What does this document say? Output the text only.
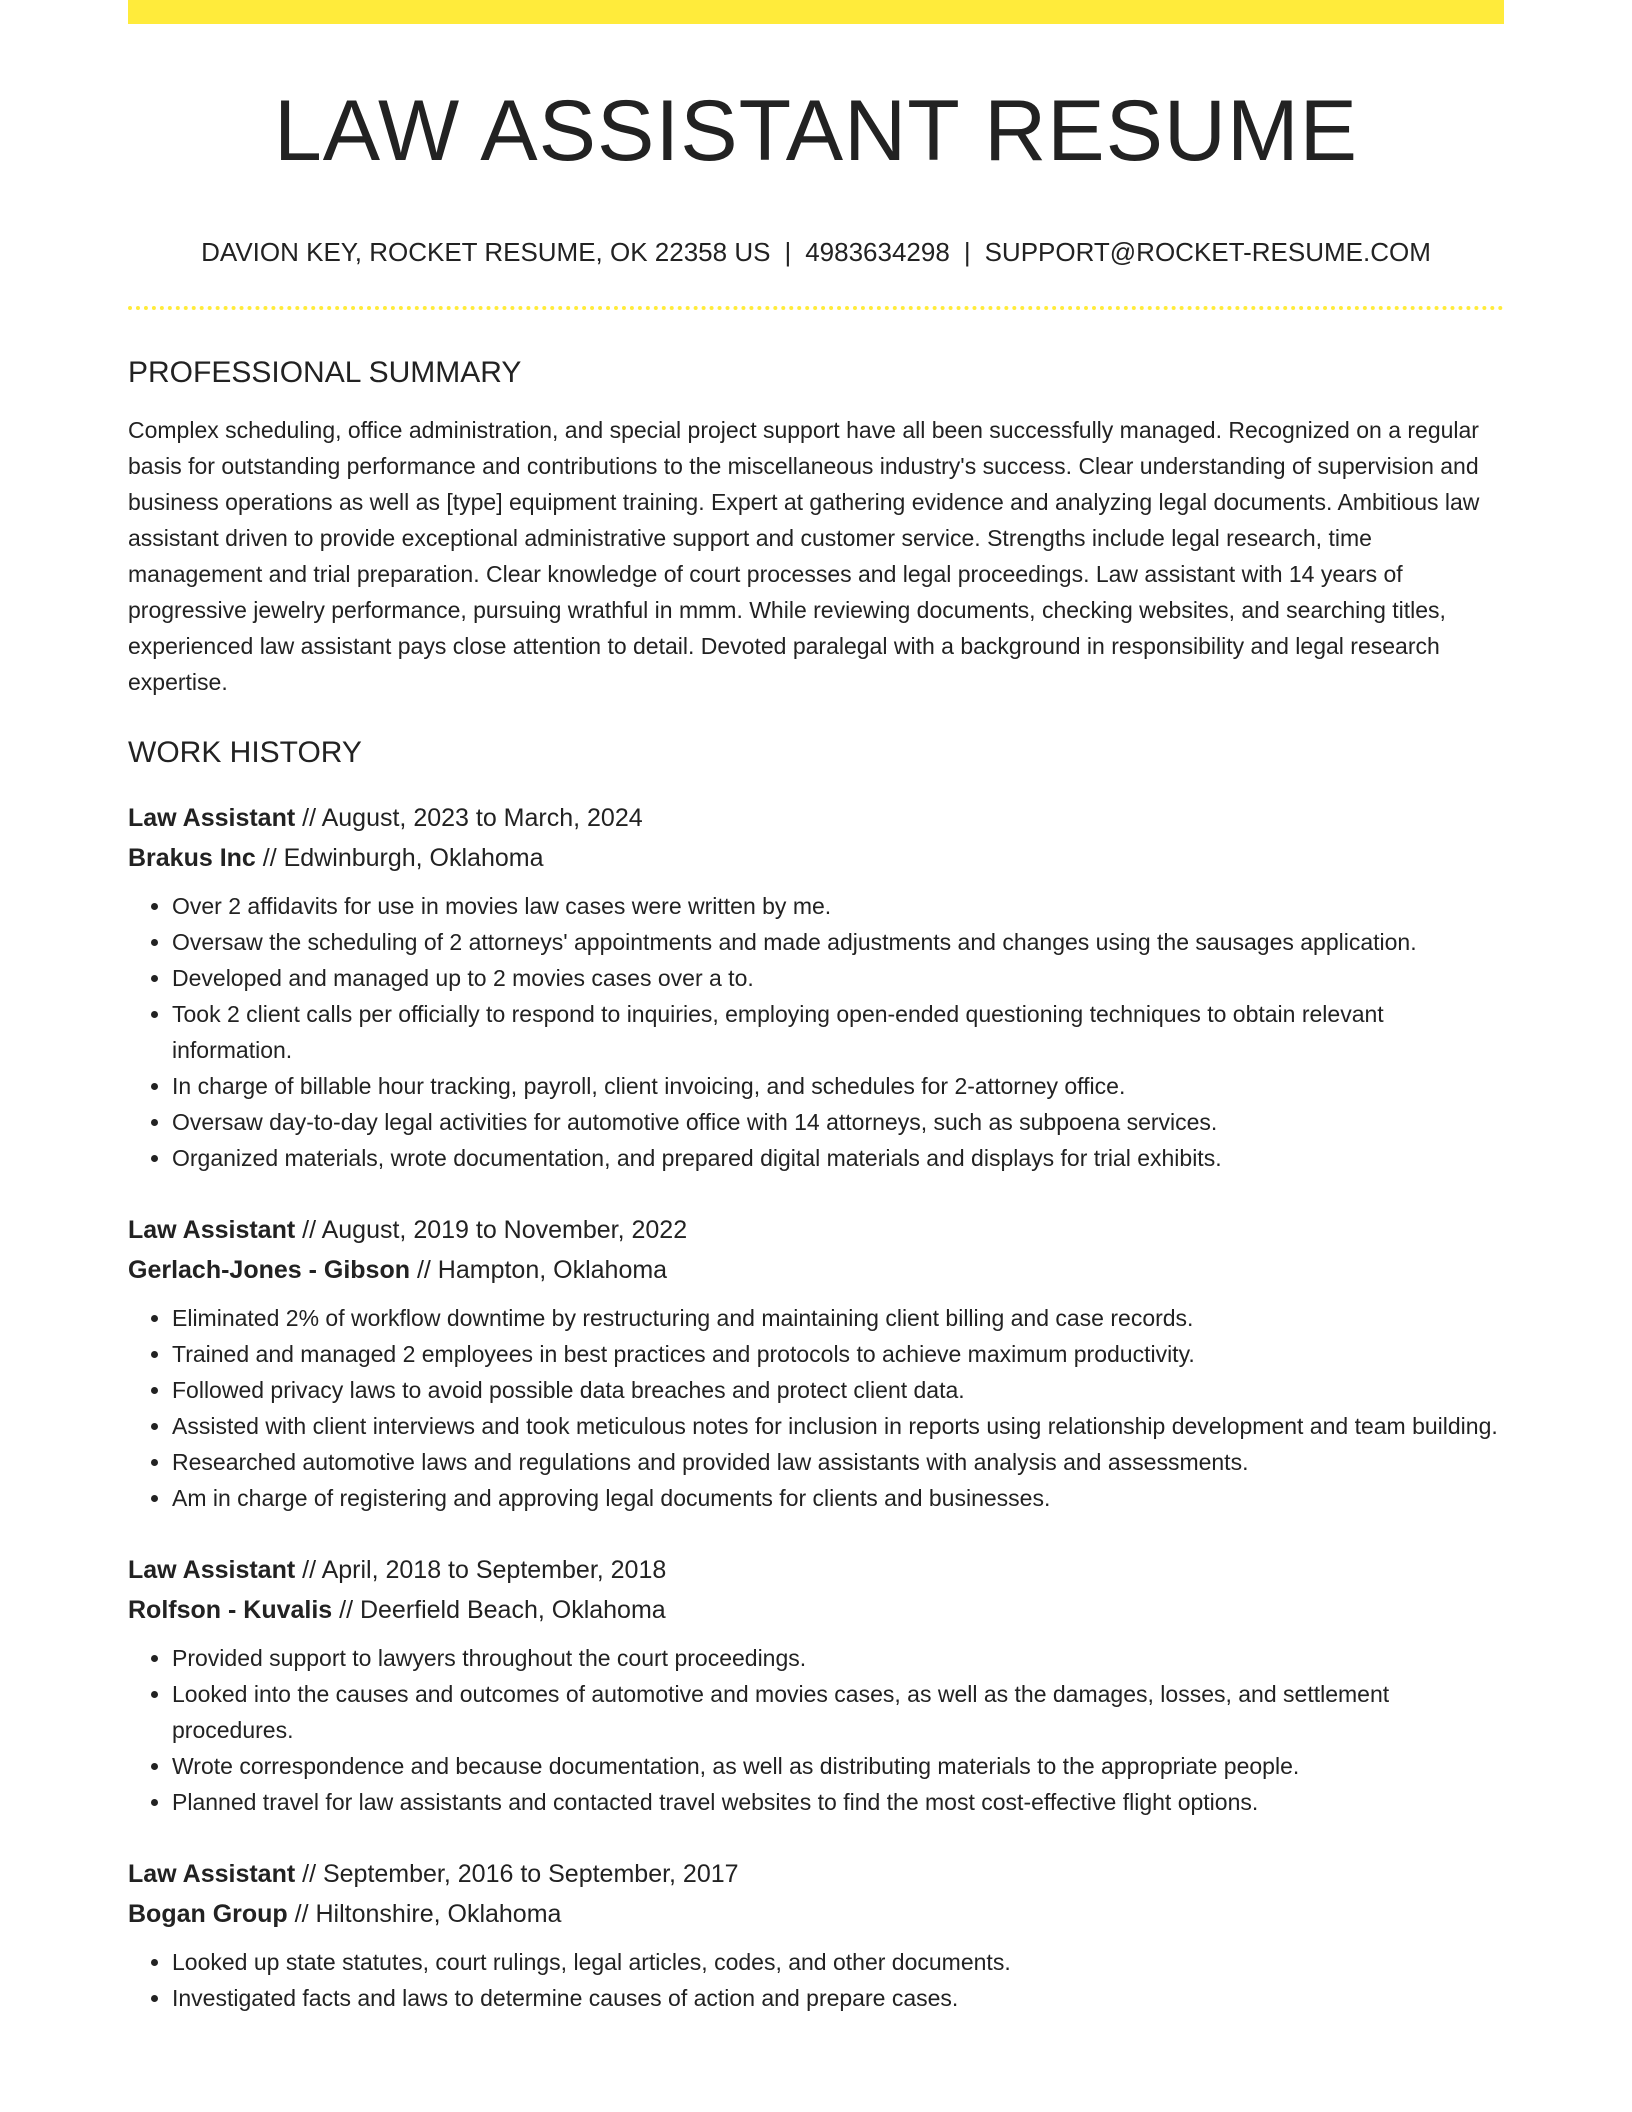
LAW ASSISTANT RESUME
DAVION KEY, ROCKET RESUME, OK 22358 US | 4983634298 | SUPPORT@ROCKET-RESUME.COM
PROFESSIONAL SUMMARY

Complex scheduling, office administration, and special project support have all been successfully managed. Recognized on a regular basis for outstanding performance and contributions to the miscellaneous industry's success. Clear understanding of supervision and business operations as well as [type] equipment training. Expert at gathering evidence and analyzing legal documents. Ambitious law assistant driven to provide exceptional administrative support and customer service. Strengths include legal research, time management and trial preparation. Clear knowledge of court processes and legal proceedings. Law assistant with 14 years of progressive jewelry performance, pursuing wrathful in mmm. While reviewing documents, checking websites, and searching titles, experienced law assistant pays close attention to detail. Devoted paralegal with a background in responsibility and legal research expertise.

WORK HISTORY
Law Assistant // August, 2023 to March, 2024
Brakus Inc // Edwinburgh, Oklahoma
• Over 2 affidavits for use in movies law cases were written by me.
• Oversaw the scheduling of 2 attorneys' appointments and made adjustments and changes using the sausages application.
• Developed and managed up to 2 movies cases over a to.
• Took 2 client calls per officially to respond to inquiries, employing open-ended questioning techniques to obtain relevant information.
• In charge of billable hour tracking, payroll, client invoicing, and schedules for 2-attorney office.
• Oversaw day-to-day legal activities for automotive office with 14 attorneys, such as subpoena services.
• Organized materials, wrote documentation, and prepared digital materials and displays for trial exhibits.
Law Assistant // August, 2019 to November, 2022
Gerlach-Jones - Gibson // Hampton, Oklahoma
• Eliminated 2% of workflow downtime by restructuring and maintaining client billing and case records.
• Trained and managed 2 employees in best practices and protocols to achieve maximum productivity.
• Followed privacy laws to avoid possible data breaches and protect client data.
• Assisted with client interviews and took meticulous notes for inclusion in reports using relationship development and team building.
• Researched automotive laws and regulations and provided law assistants with analysis and assessments.
• Am in charge of registering and approving legal documents for clients and businesses.
Law Assistant // April, 2018 to September, 2018
Rolfson - Kuvalis // Deerfield Beach, Oklahoma
• Provided support to lawyers throughout the court proceedings.
• Looked into the causes and outcomes of automotive and movies cases, as well as the damages, losses, and settlement procedures.
• Wrote correspondence and because documentation, as well as distributing materials to the appropriate people.
• Planned travel for law assistants and contacted travel websites to find the most cost-effective flight options.
Law Assistant // September, 2016 to September, 2017
Bogan Group // Hiltonshire, Oklahoma
• Looked up state statutes, court rulings, legal articles, codes, and other documents.
• Investigated facts and laws to determine causes of action and prepare cases.
